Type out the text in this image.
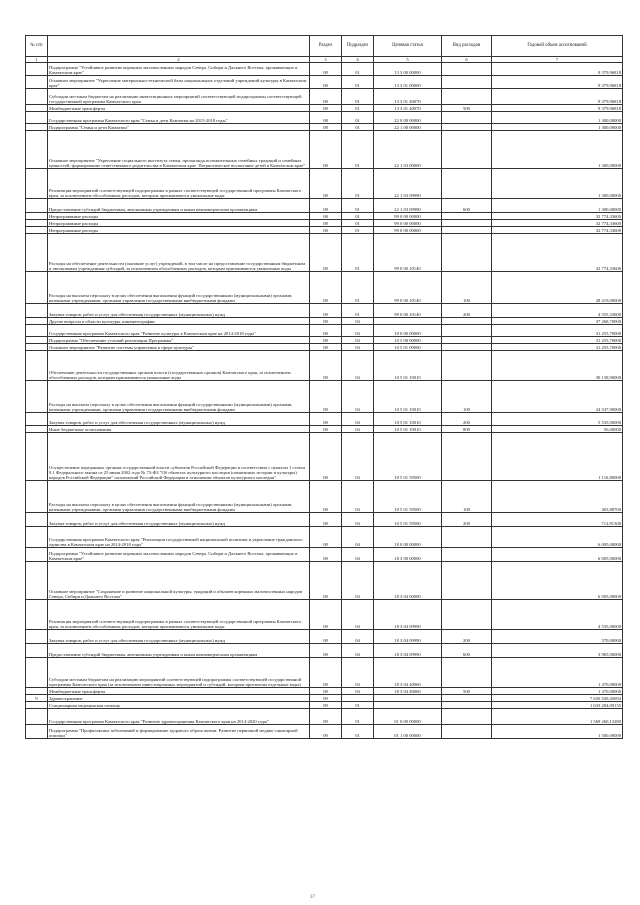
№ п/п		Раздел	Подраздел	Целевая статья	Вид расходов	Годовой объем ассигнований
1	2	3	4	5	6	7
	Подпрограмма "Устойчивое развитие коренных малочисленных народов Севера, Сибири и Дальнего Востока, проживающих в Камчатском крае"	08	01	13 3 00 00000		9 379,96818
	Основное мероприятие "Укрепление материально-технической базы национальных отделений учреждений культуры в Камчатском крае"	08	01	13 3 01 00000		9 379,96818
	Субсидии местным бюджетам на реализацию инвестиционных мероприятий соответствующей подпрограммы соответствующей государственной программы Камчатского края	08	01	13 3 01 40070		9 379,96818
	Межбюджетные трансферты	08	01	13 3 01 40070	500	9 379,96818
	Государственная программа Камчатского края "Семья и дети Камчатки на 2015-2018 годы"	08	01	22 0 00 00000		1 300,00000
	Подпрограмма "Семья и дети Камчатки"	08	01	22 1 00 00000		1 300,00000
	Основное мероприятие "Укрепление социального института семьи, пропаганда положительных семейных традиций и семейных ценностей, формирование ответственного родительства в Камчатском крае. Патриотическое воспитание детей в Камчатском крае"	08	01	22 1 03 00000		1 300,00000
	Реализация мероприятий соответствующей подпрограммы в рамках соответствующей государственной программы Камчатского края, за исключением обособленных расходов, которым присваиваются уникальные коды	08	01	22 1 03 09990		1 300,00000
	Предоставление субсидий бюджетным, автономным учреждениям и иным некоммерческим организациям	08	01	22 1 03 09990	600	1 300,00000
	Непрограммные расходы	08	01	99 0 00 00000		32 774,33600
	Непрограммные расходы	08	01	99 0 00 00000		32 774,33600
	Непрограммные расходы	08	01	99 0 00 00000		32 774,33600
	Расходы на обеспечение деятельности (оказание услуг) учреждений, в том числе на предоставление государственным бюджетным и автономным учреждениям субсидий, за исключением обособленных расходов, которым присваиваются уникальные коды	08	01	99 0 00 10140		32 774,33600
	Расходы на выплаты персоналу в целях обеспечения выполнения функций государственными (муниципальными) органами, казенными учреждениями, органами управления государственными внебюджетными фондами	08	01	99 0 00 10140	100	28 219,00000
	Закупка товаров, работ и услуг для обеспечения государственных (муниципальных) нужд	08	01	99 0 00 10140	200	4 555,33600
	Другие вопросы в области культуры, кинематографии	08	04			37 268,70000
	Государственная программа Камчатского края "Развитие культуры в Камчатском крае на 2014-2018 годы"	08	04	10 0 00 00000		31 255,70000
	Подпрограмма "Обеспечение условий реализации Программы"	08	04	10 5 00 00000		31 255,70000
	Основное мероприятие "Развитие системы управления в сфере культуры"	08	04	10 5 01 00000		31 255,70000
	Обеспечение деятельности государственных органов власти (государственных органов) Камчатского края, за исключением обособленных расходов, которым присваиваются уникальные коды	08	04	10 5 01 10010		30 138,90000
	Расходы на выплаты персоналу в целях обеспечения выполнения функций государственными (муниципальными) органами, казенными учреждениями, органами управления государственными внебюджетными фондами	08	04	10 5 01 10010	100	24 547,90000
	Закупка товаров, работ и услуг для обеспечения государственных (муниципальных) нужд	08	04	10 5 01 10010	200	5 535,00000
	Иные бюджетные ассигнования	08	04	10 5 01 10010	800	56,00000
	Осуществление переданных органам государственной власти субъектов Российской Федерации в соответствии с пунктом 1 статьи 9.1 Федерального закона от 25 июня 2002 года № 73-ФЗ "Об объектах культурного наследия (памятниках истории и культуры) народов Российской Федерации" полномочий Российской Федерации в отношении объектов культурного наследия"	08	04	10 5 01 59500		1 116,80000
	Расходы на выплаты персоналу в целях обеспечения выполнения функций государственными (муниципальными) органами, казенными учреждениями, органами управления государственными внебюджетными фондами	08	04	10 5 01 59500	100	403,88700
	Закупка товаров, работ и услуг для обеспечения государственных (муниципальных) нужд	08	04	10 5 01 59500	200	712,91300
	Государственная программа Камчатского края "Реализация государственной национальной политики и укрепление гражданского единства в Камчатском крае на 2014-2018 годы"	08	04	18 0 00 00000		6 005,00000
	Подпрограмма "Устойчивое развитие коренных малочисленных народов Севера, Сибири и Дальнего Востока, проживающих в Камчатском крае"	08	04	18 3 00 00000		6 005,00000
	Основное мероприятие "Сохранение и развитие национальной культуры, традиций и обычаев коренных малочисленных народов Севера, Сибири и Дальнего Востока"	08	04	18 3 04 00000		6 005,00000
	Реализация мероприятий соответствующей подпрограммы в рамках соответствующей государственной программы Камчатского края, за исключением обособленных расходов, которым присваиваются уникальные коды	08	04	18 3 04 09990		4 535,00000
	Закупка товаров, работ и услуг для обеспечения государственных (муниципальных) нужд	08	04	18 3 04 09990	200	570,00000
	Предоставление субсидий бюджетным, автономным учреждениям и иным некоммерческим организациям	08	04	18 3 04 09990	600	3 965,00000
	Субсидии местным бюджетам на реализацию мероприятий соответствующей подпрограммы соответствующей государственной программы Камчатского края (за исключением инвестиционных мероприятий и субсидий, которым присвоены отдельные коды)	08	04	18 3 04 40060		1 470,00000
	Межбюджетные трансферты	08	04	18 3 04 40060	500	1 470,00000
9	Здравоохранение	09				7 650 549,45694
	Стационарная медицинская помощь	09	01			1 633 204,00135
	Государственная программа Камчатского края "Развитие здравоохранения Камчатского края на 2014-2020 годы"	09	01	01 0 00 00000		1 569 260,13280
	Подпрограмма "Профилактика заболеваний и формирование здорового образа жизни. Развитие первичной медико-санитарной помощи"	09	01	01 1 00 00000		1 500,00000
37
